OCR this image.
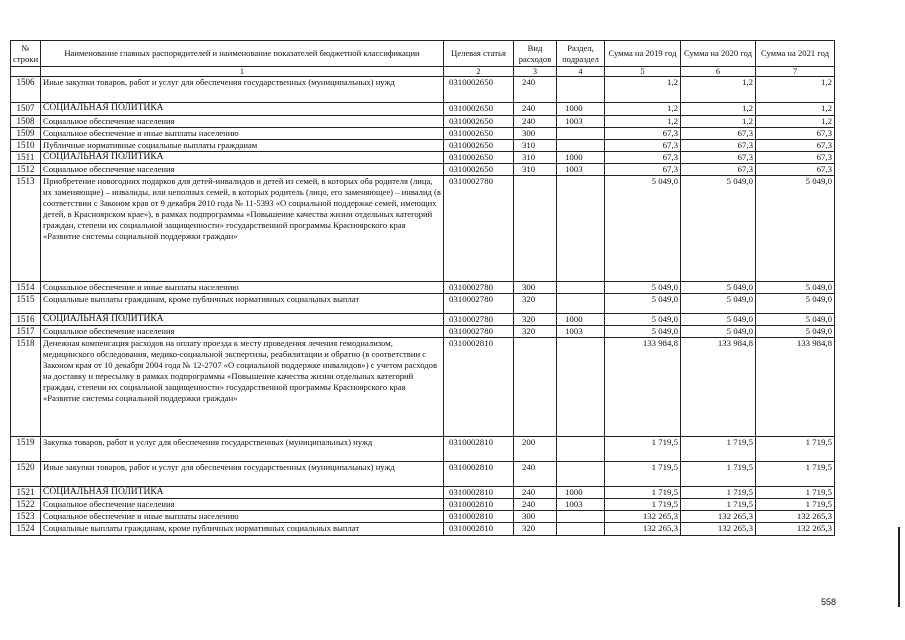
№ строки	Наименование главных распорядителей и наименование показателей бюджетной классификации	Целевая статья	Вид расходов	Раздел, подраздел	Сумма на 2019 год	Сумма на 2020 год	Сумма на 2021 год
	1	2	3	4	5	6	7
1506	Иные закупки товаров, работ и услуг для обеспечения государственных (муниципальных) нужд	0310002650	240		1,2	1,2	1,2
1507	СОЦИАЛЬНАЯ ПОЛИТИКА	0310002650	240	1000	1,2	1,2	1,2
1508	Социальное обеспечение населения	0310002650	240	1003	1,2	1,2	1,2
1509	Социальное обеспечение и иные выплаты населению	0310002650	300		67,3	67,3	67,3
1510	Публичные нормативные социальные выплаты гражданам	0310002650	310		67,3	67,3	67,3
1511	СОЦИАЛЬНАЯ ПОЛИТИКА	0310002650	310	1000	67,3	67,3	67,3
1512	Социальное обеспечение населения	0310002650	310	1003	67,3	67,3	67,3
1513	Приобретение новогодних подарков для детей-инвалидов и детей из семей, в которых оба родителя (лица, их заменяющие) – инвалиды, или неполных семей, в которых родитель (лицо, его заменяющее) – инвалид (в соответствии с Законом края от 9 декабря 2010 года № 11-5393 «О социальной поддержке семей, имеющих детей, в Красноярском крае»), в рамках подпрограммы «Повышение качества жизни отдельных категорий граждан, степени их социальной защищенности» государственной программы Красноярского края «Развитие системы социальной поддержки граждан»	0310002780			5 049,0	5 049,0	5 049,0
1514	Социальное обеспечение и иные выплаты населению	0310002780	300		5 049,0	5 049,0	5 049,0
1515	Социальные выплаты гражданам, кроме публичных нормативных социальных выплат	0310002780	320		5 049,0	5 049,0	5 049,0
1516	СОЦИАЛЬНАЯ ПОЛИТИКА	0310002780	320	1000	5 049,0	5 049,0	5 049,0
1517	Социальное обеспечение населения	0310002780	320	1003	5 049,0	5 049,0	5 049,0
1518	Денежная компенсация расходов на оплату проезда к месту проведения лечения гемодиализом, медицинского обследования, медико-социальной экспертизы, реабилитации и обратно (в соответствии с Законом края от 10 декабря 2004 года № 12-2707 «О социальной поддержке инвалидов») с учетом расходов на доставку и пересылку в рамках подпрограммы «Повышение качества жизни отдельных категорий граждан, степени их социальной защищенности» государственной программы Красноярского края «Развитие системы социальной поддержки граждан»	0310002810			133 984,8	133 984,8	133 984,8
1519	Закупка товаров, работ и услуг для обеспечения государственных (муниципальных) нужд	0310002810	200		1 719,5	1 719,5	1 719,5
1520	Иные закупки товаров, работ и услуг для обеспечения государственных (муниципальных) нужд	0310002810	240		1 719,5	1 719,5	1 719,5
1521	СОЦИАЛЬНАЯ ПОЛИТИКА	0310002810	240	1000	1 719,5	1 719,5	1 719,5
1522	Социальное обеспечение населения	0310002810	240	1003	1 719,5	1 719,5	1 719,5
1523	Социальное обеспечение и иные выплаты населению	0310002810	300		132 265,3	132 265,3	132 265,3
1524	Социальные выплаты гражданам, кроме публичных нормативных социальных выплат	0310002810	320		132 265,3	132 265,3	132 265,3
558
